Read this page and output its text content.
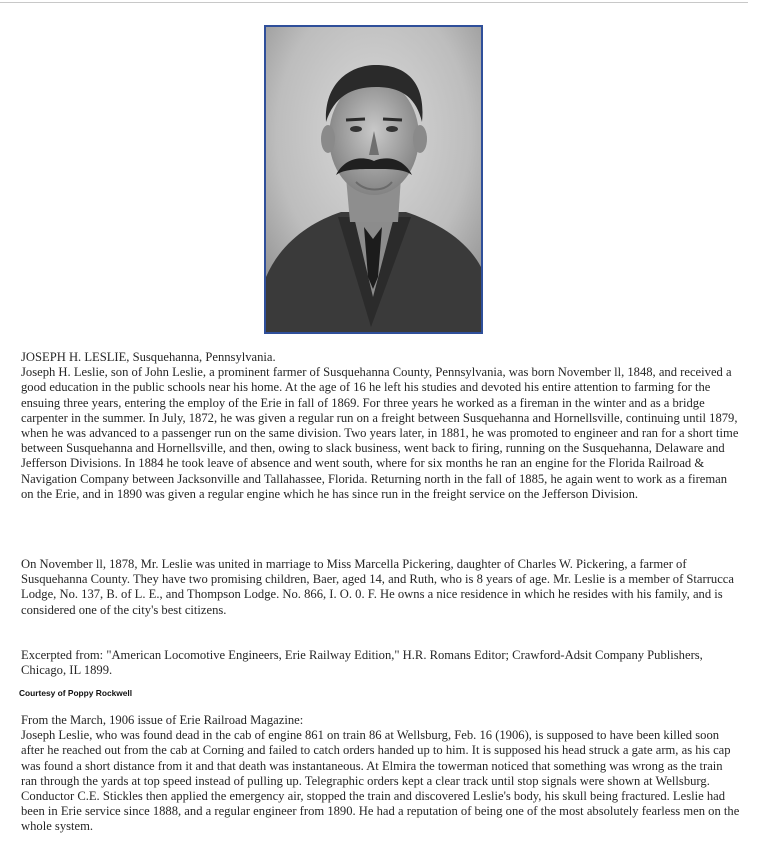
JOSEPH H. LESLIE, Susquehanna, Pennsylvania.

Joseph H. Leslie, son of John Leslie, a prominent farmer of Susquehanna County, Pennsylvania, was born November ll, 1848, and received a good education in the public schools near his home. At the age of 16 he left his studies and devoted his entire attention to farming for the ensuing three years, entering the employ of the Erie in fall of 1869. For three years he worked as a fireman in the winter and as a bridge carpenter in the summer. In July, 1872, he was given a regular run on a freight between Susquehanna and Hornellsville, continuing until 1879, when he was advanced to a passenger run on the same division. Two years later, in 1881, he was promoted to engineer and ran for a short time between Susquehanna and Hornellsville, and then, owing to slack business, went back to firing, running on the Susquehanna, Delaware and Jefferson Divisions. In 1884 he took leave of absence and went south, where for six months he ran an engine for the Florida Railroad & Navigation Company between Jacksonville and Tallahassee, Florida. Returning north in the fall of 1885, he again went to work as a fireman on the Erie, and in 1890 was given a regular engine which he has since run in the freight service on the Jefferson Division.

On November ll, 1878, Mr. Leslie was united in marriage to Miss Marcella Pickering, daughter of Charles W. Pickering, a farmer of Susquehanna County. They have two promising children, Baer, aged 14, and Ruth, who is 8 years of age. Mr. Leslie is a member of Starrucca Lodge, No. 137, B. of L. E., and Thompson Lodge. No. 866, I. O. 0. F. He owns a nice residence in which he resides with his family, and is considered one of the city's best citizens.

Excerpted from: "American Locomotive Engineers, Erie Railway Edition," H.R. Romans Editor; Crawford-Adsit Company Publishers, Chicago, IL 1899.

Courtesy of Poppy Rockwell

From the March, 1906 issue of Erie Railroad Magazine:

Joseph Leslie, who was found dead in the cab of engine 861 on train 86 at Wellsburg, Feb. 16 (1906), is supposed to have been killed soon after he reached out from the cab at Corning and failed to catch orders handed up to him. It is supposed his head struck a gate arm, as his cap was found a short distance from it and that death was instantaneous. At Elmira the towerman noticed that something was wrong as the train ran through the yards at top speed instead of pulling up. Telegraphic orders kept a clear track until stop signals were shown at Wellsburg. Conductor C.E. Stickles then applied the emergency air, stopped the train and discovered Leslie's body, his skull being fractured. Leslie had been in Erie service since 1888, and a regular engineer from 1890. He had a reputation of being one of the most absolutely fearless men on the whole system.
